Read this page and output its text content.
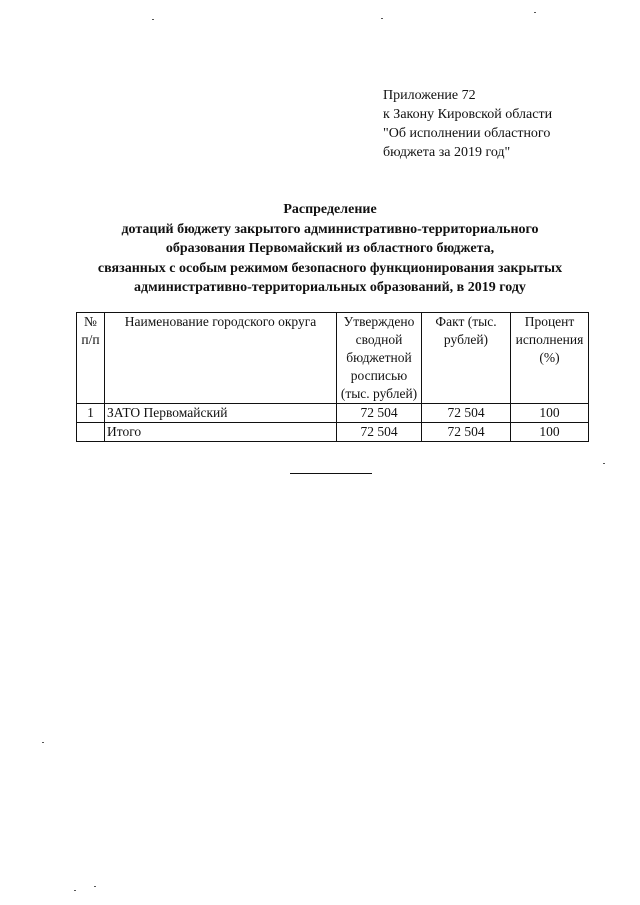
Приложение 72
к Закону Кировской области
"Об исполнении областного
бюджета за 2019 год"
Распределение
дотаций бюджету закрытого административно-территориального
образования Первомайский из областного бюджета,
связанных с особым режимом безопасного функционирования закрытых
административно-территориальных образований, в 2019 году
№ п/п	Наименование городского округа	Утверждено сводной бюджетной росписью (тыс. рублей)	Факт (тыс. рублей)	Процент исполнения (%)
1	ЗАТО Первомайский	72 504	72 504	100
	Итого	72 504	72 504	100
